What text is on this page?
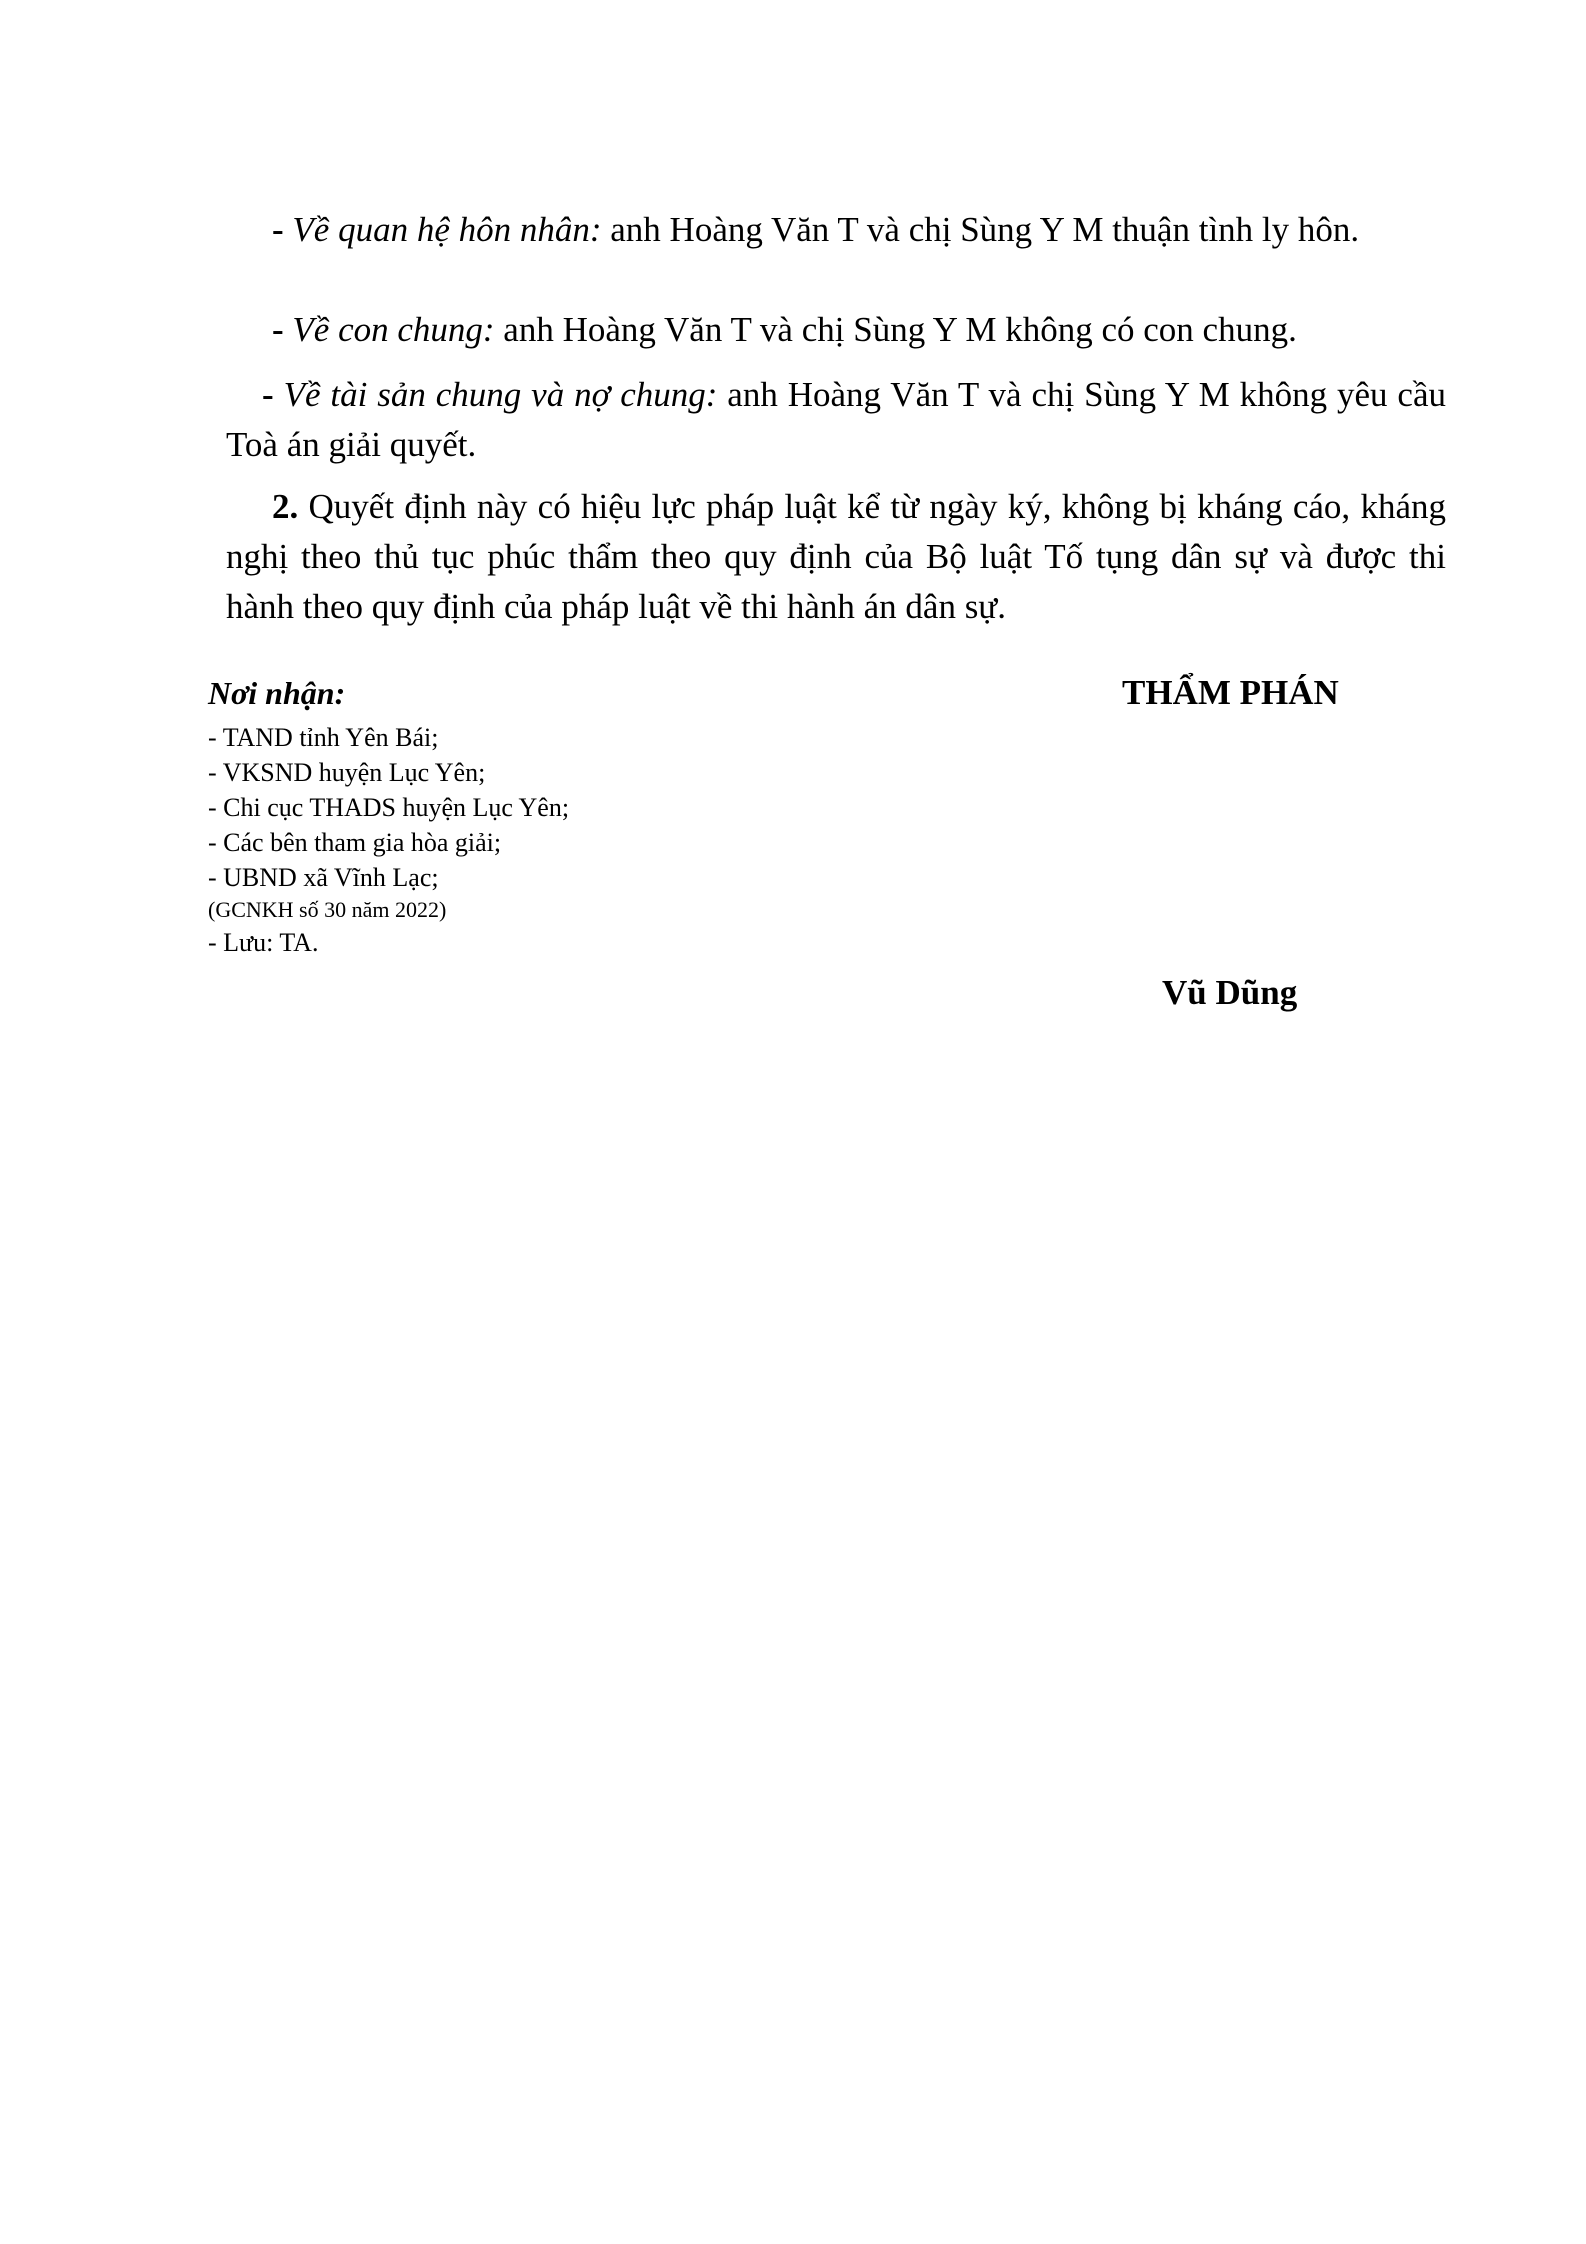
- Về quan hệ hôn nhân: anh Hoàng Văn T và chị Sùng Y M thuận tình ly hôn.

- Về con chung: anh Hoàng Văn T và chị Sùng Y M không có con chung.

- Về tài sản chung và nợ chung: anh Hoàng Văn T và chị Sùng Y M không yêu cầu Toà án giải quyết.

2. Quyết định này có hiệu lực pháp luật kể từ ngày ký, không bị kháng cáo, kháng nghị theo thủ tục phúc thẩm theo quy định của Bộ luật Tố tụng dân sự và được thi hành theo quy định của pháp luật về thi hành án dân sự.

Nơi nhận:

- TAND tỉnh Yên Bái;
- VKSND huyện Lục Yên;
- Chi cục THADS huyện Lục Yên;
- Các bên tham gia hòa giải;
- UBND xã Vĩnh Lạc;
(GCNKH số 30 năm 2022)
- Lưu: TA.

THẨM PHÁN

Vũ Dũng
